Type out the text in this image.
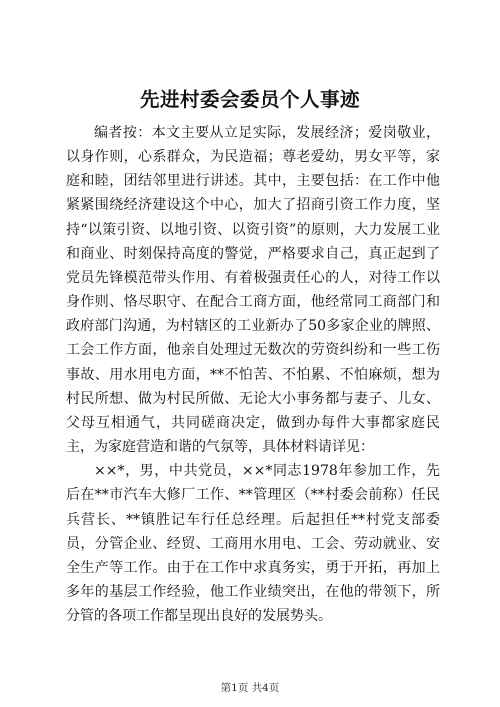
先进村委会委员个人事迹

编者按：本文主要从立足实际，发展经济；爱岗敬业，以身作则，心系群众，为民造福；尊老爱幼，男女平等，家庭和睦，团结邻里进行讲述。其中，主要包括：在工作中他紧紧围绕经济建设这个中心，加大了招商引资工作力度，坚持“以策引资、以地引资、以资引资”的原则，大力发展工业和商业、时刻保持高度的警觉，严格要求自己，真正起到了党员先锋模范带头作用、有着极强责任心的人，对待工作以身作则、恪尽职守、在配合工商方面，他经常同工商部门和政府部门沟通，为村辖区的工业新办了50多家企业的牌照、工会工作方面，他亲自处理过无数次的劳资纠纷和一些工伤事故、用水用电方面，**不怕苦、不怕累、不怕麻烦，想为村民所想、做为村民所做、无论大小事务都与妻子、儿女、父母互相通气，共同磋商决定，做到办每件大事都家庭民主，为家庭营造和谐的气氛等，具体材料请详见：

××*，男，中共党员，××*同志1978年参加工作，先后在**市汽车大修厂工作、**管理区（**村委会前称）任民兵营长、**镇胜记车行任总经理。后起担任**村党支部委员，分管企业、经贸、工商用水用电、工会、劳动就业、安全生产等工作。由于在工作中求真务实，勇于开拓，再加上多年的基层工作经验，他工作业绩突出，在他的带领下，所分管的各项工作都呈现出良好的发展势头。

第1页 共4页
